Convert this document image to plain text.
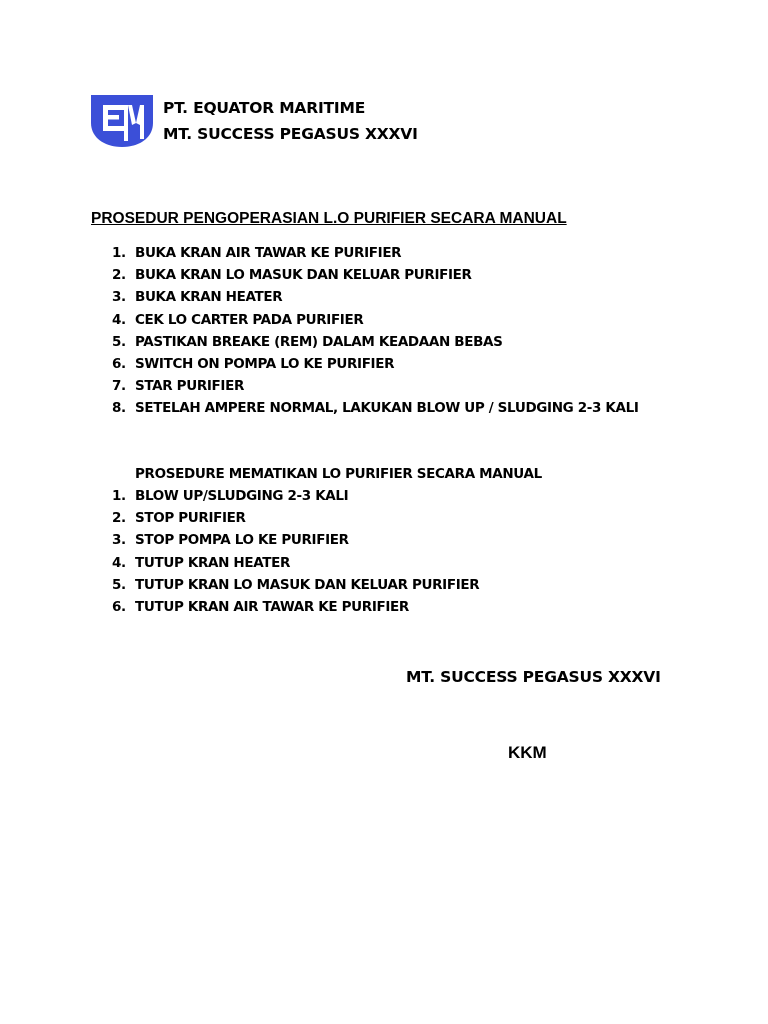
PT. EQUATOR MARITIME
MT. SUCCESS PEGASUS XXXVI
PROSEDUR PENGOPERASIAN L.O PURIFIER SECARA MANUAL
1. BUKA KRAN AIR TAWAR KE PURIFIER
2. BUKA KRAN LO MASUK DAN KELUAR PURIFIER
3. BUKA KRAN HEATER
4. CEK LO CARTER PADA PURIFIER
5. PASTIKAN BREAKE (REM) DALAM KEADAAN BEBAS
6. SWITCH ON POMPA LO KE PURIFIER
7. STAR PURIFIER
8. SETELAH AMPERE NORMAL, LAKUKAN BLOW UP / SLUDGING 2-3 KALI
PROSEDURE MEMATIKAN LO PURIFIER SECARA MANUAL
1. BLOW UP/SLUDGING 2-3 KALI
2. STOP PURIFIER
3. STOP POMPA LO KE PURIFIER
4. TUTUP KRAN HEATER
5. TUTUP KRAN LO MASUK DAN KELUAR PURIFIER
6. TUTUP KRAN AIR TAWAR KE PURIFIER
MT. SUCCESS PEGASUS XXXVI
KKM
